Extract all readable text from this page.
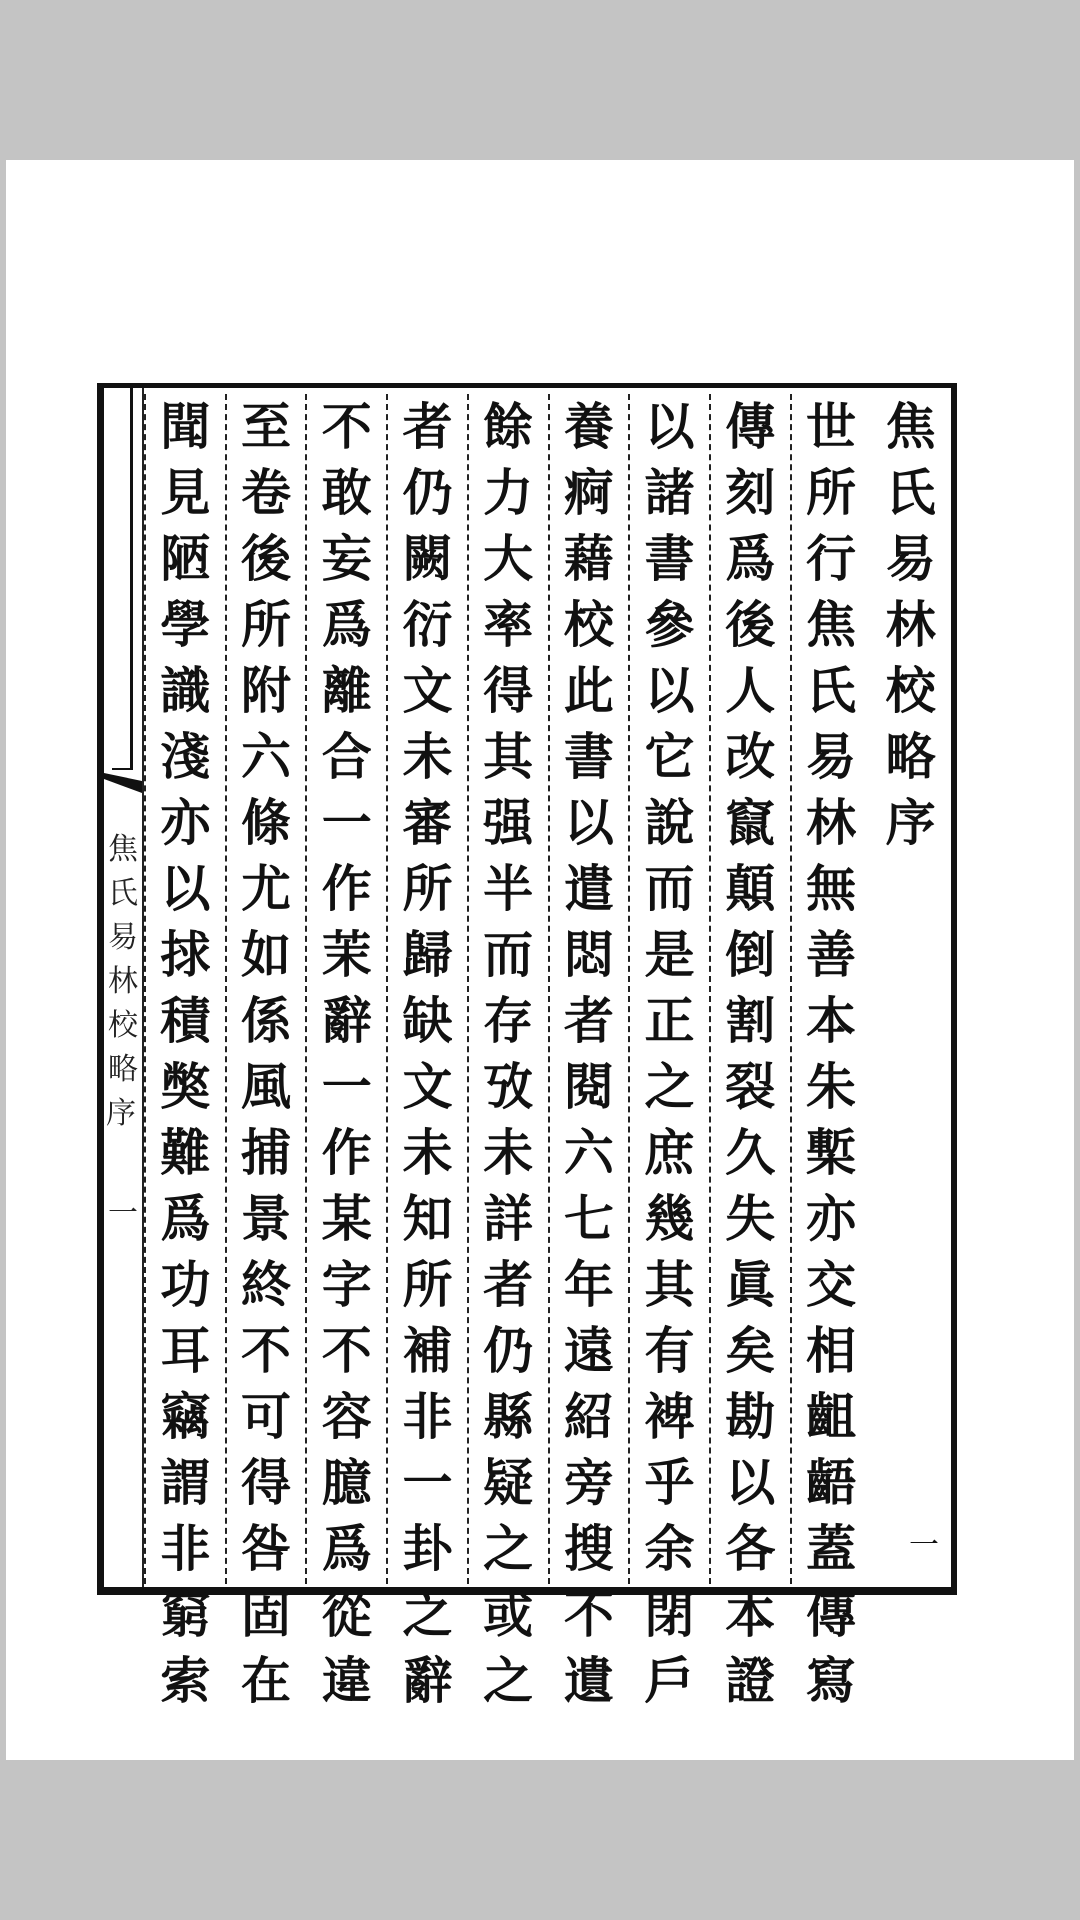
焦
氏
易
林
校
略
序
一
焦
氏
易
林
校
略
序
一
世
所
行
焦
氏
易
林
無
善
本
朱
槧
亦
交
相
齟
齬
蓋
傳
寫
傳
刻
爲
後
人
改
竄
顛
倒
割
裂
久
失
眞
矣
勘
以
各
本
證
以
諸
書
參
以
它
說
而
是
正
之
庶
幾
其
有
裨
乎
余
閉
戶
養
痾
藉
校
此
書
以
遣
悶
者
閱
六
七
年
遠
紹
旁
搜
不
遺
餘
力
大
率
得
其
强
半
而
存
攷
未
詳
者
仍
縣
疑
之
或
之
者
仍
闕
衍
文
未
審
所
歸
缺
文
未
知
所
補
非
一
卦
之
辭
不
敢
妄
爲
離
合
一
作
茉
辭
一
作
某
字
不
容
臆
爲
從
違
至
卷
後
所
附
六
條
尤
如
係
風
捕
景
終
不
可
得
咎
固
在
聞
見
陋
學
識
淺
亦
以
捄
積
獘
難
爲
功
耳
竊
謂
非
窮
索
